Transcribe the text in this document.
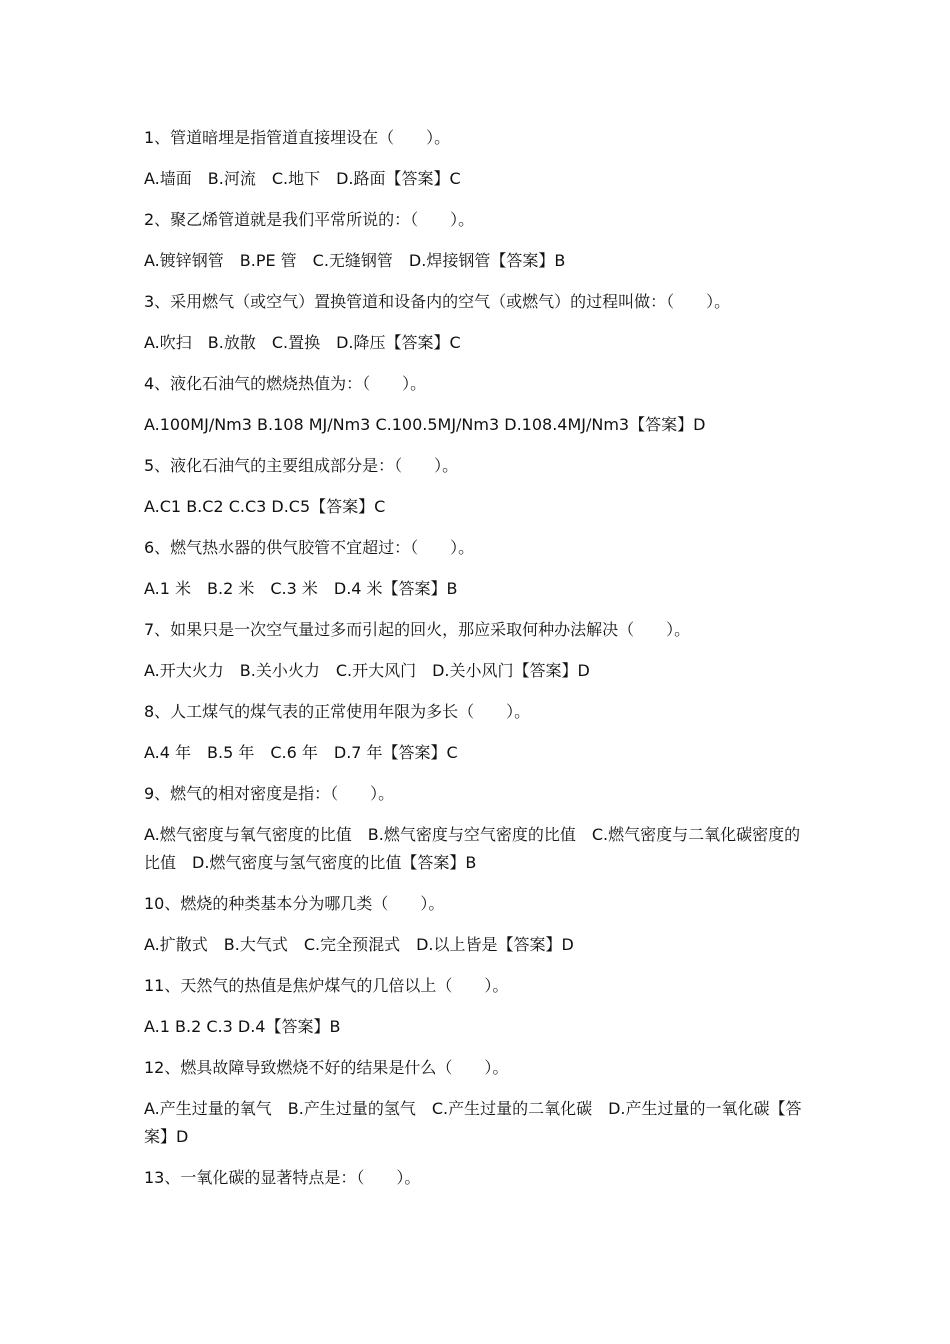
1、管道暗埋是指管道直接埋设在（　　）。
A.墙面　B.河流　C.地下　D.路面【答案】C
2、聚乙烯管道就是我们平常所说的：（　　）。
A.镀锌钢管　B.PE 管　C.无缝钢管　D.焊接钢管【答案】B
3、采用燃气（或空气）置换管道和设备内的空气（或燃气）的过程叫做：（　　）。
A.吹扫　B.放散　C.置换　D.降压【答案】C
4、液化石油气的燃烧热值为：（　　）。
A.100MJ/Nm3 B.108 MJ/Nm3 C.100.5MJ/Nm3 D.108.4MJ/Nm3【答案】D
5、液化石油气的主要组成部分是：（　　）。
A.C1 B.C2 C.C3 D.C5【答案】C
6、燃气热水器的供气胶管不宜超过：（　　）。
A.1 米　B.2 米　C.3 米　D.4 米【答案】B
7、如果只是一次空气量过多而引起的回火，那应采取何种办法解决（　　）。
A.开大火力　B.关小火力　C.开大风门　D.关小风门【答案】D
8、人工煤气的煤气表的正常使用年限为多长（　　）。
A.4 年　B.5 年　C.6 年　D.7 年【答案】C
9、燃气的相对密度是指：（　　）。
A.燃气密度与氧气密度的比值　B.燃气密度与空气密度的比值　C.燃气密度与二氧化碳密度的比值　D.燃气密度与氢气密度的比值【答案】B
10、燃烧的种类基本分为哪几类（　　）。
A.扩散式　B.大气式　C.完全预混式　D.以上皆是【答案】D
11、天然气的热值是焦炉煤气的几倍以上（　　）。
A.1 B.2 C.3 D.4【答案】B
12、燃具故障导致燃烧不好的结果是什么（　　）。
A.产生过量的氧气　B.产生过量的氢气　C.产生过量的二氧化碳　D.产生过量的一氧化碳【答案】D
13、一氧化碳的显著特点是：（　　）。
